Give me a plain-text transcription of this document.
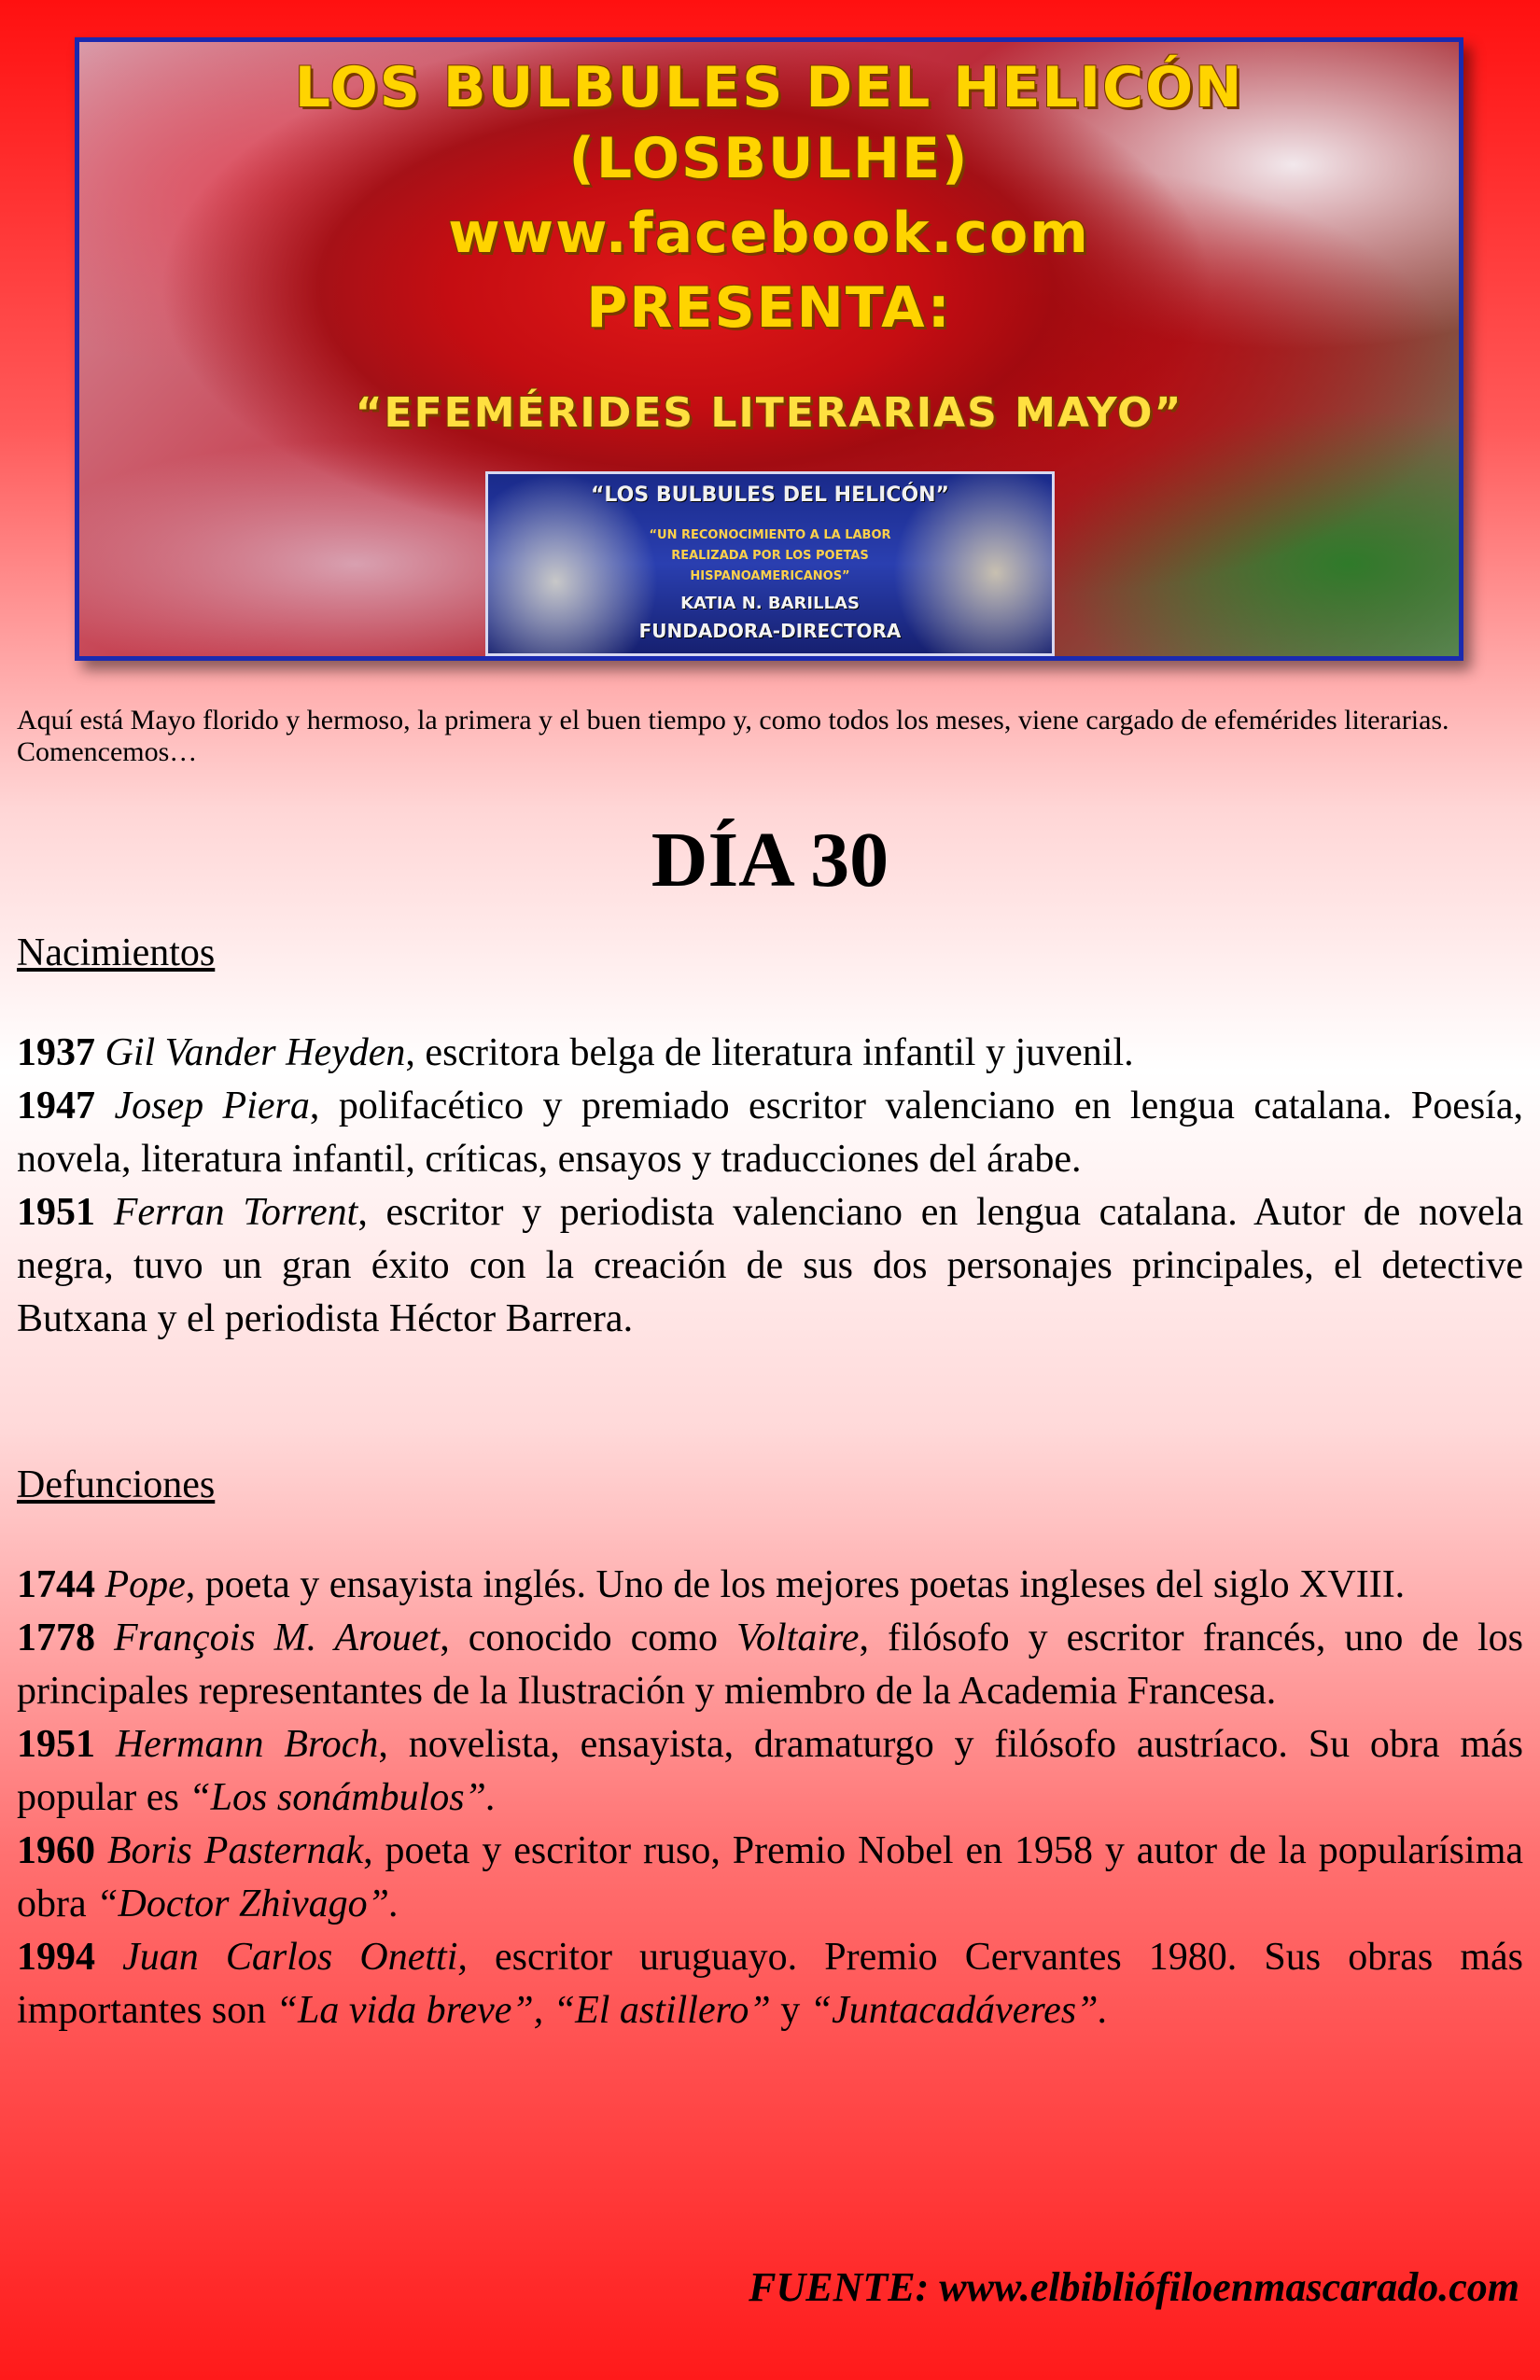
LOS BULBULES DEL HELICÓN
(LOSBULHE)
www.facebook.com
PRESENTA:
“EFEMÉRIDES LITERARIAS MAYO”
“LOS BULBULES DEL HELICÓN”
“UN RECONOCIMIENTO A LA LABOR
REALIZADA POR LOS POETAS
HISPANOAMERICANOS”
KATIA N. BARILLAS
FUNDADORA-DIRECTORA

Aquí está Mayo florido y hermoso, la primera y el buen tiempo y, como todos los meses, viene cargado de efemérides literarias. Comencemos…

DÍA 30
Nacimientos

1937 Gil Vander Heyden, escritora belga de literatura infantil y juvenil.

1947 Josep Piera, polifacético y premiado escritor valenciano en lengua catalana. Poesía, novela, literatura infantil, críticas, ensayos y traducciones del árabe.

1951 Ferran Torrent, escritor y periodista valenciano en lengua catalana. Autor de novela negra, tuvo un gran éxito con la creación de sus dos personajes principales, el detective Butxana y el periodista Héctor Barrera.

Defunciones

1744 Pope, poeta y ensayista inglés. Uno de los mejores poetas ingleses del siglo XVIII.

1778 François M. Arouet, conocido como Voltaire, filósofo y escritor francés, uno de los principales representantes de la Ilustración y miembro de la Academia Francesa.

1951 Hermann Broch, novelista, ensayista, dramaturgo y filósofo austríaco. Su obra más popular es “Los sonámbulos”.

1960 Boris Pasternak, poeta y escritor ruso, Premio Nobel en 1958 y autor de la popularísima obra “Doctor Zhivago”.

1994 Juan Carlos Onetti, escritor uruguayo. Premio Cervantes 1980. Sus obras más importantes son “La vida breve”, “El astillero” y “Juntacadáveres”.

FUENTE: www.elbibliófiloenmascarado.com
